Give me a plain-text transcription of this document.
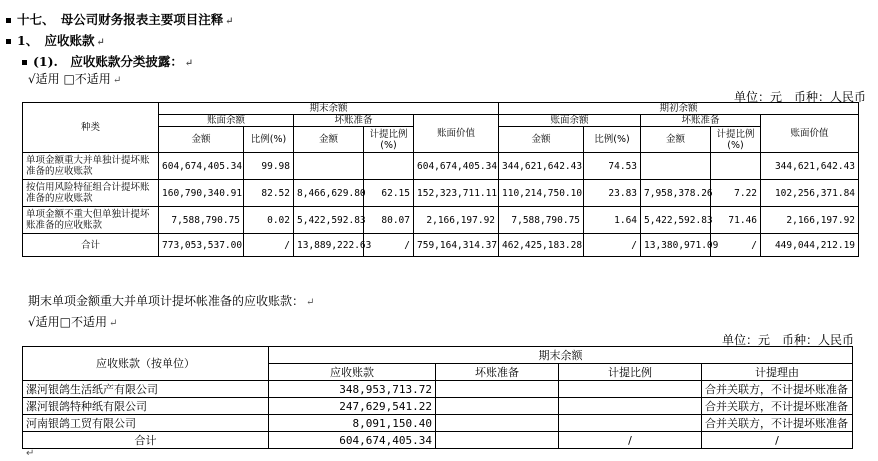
十七、　母公司财务报表主要项目注释 ↵
1、　应收账款 ↵
(1).　应收账款分类披露： ↵
√适用 □不适用 ↵
单位：元　币种：人民币
种类	期末余额					期初余额				
	账面余额		坏账准备		账面价值	账面余额		坏账准备		账面价值
	金额	比例(%)	金额	计提比例(%)		金额	比例(%)	金额	计提比例(%)	
单项金额重大并单独计提坏账准备的应收账款	604,674,405.34	99.98			604,674,405.34	344,621,642.43	74.53			344,621,642.43
按信用风险特征组合计提坏账准备的应收账款	160,790,340.91	82.52	8,466,629.80	62.15	152,323,711.11	110,214,750.10	23.83	7,958,378.26	7.22	102,256,371.84
单项金额不重大但单独计提坏账准备的应收账款	7,588,790.75	0.02	5,422,592.83	80.07	2,166,197.92	7,588,790.75	1.64	5,422,592.83	71.46	2,166,197.92
合计	773,053,537.00	/	13,889,222.63	/	759,164,314.37	462,425,183.28	/	13,380,971.09	/	449,044,212.19
期末单项金额重大并单项计提坏帐准备的应收账款： ↵
√适用□不适用 ↵
单位：元　币种：人民币
应收账款（按单位）	期末余额			
	应收账款	坏账准备	计提比例	计提理由
漯河银鸽生活纸产有限公司	348,953,713.72			合并关联方，不计提坏账准备
漯河银鸽特种纸有限公司	247,629,541.22			合并关联方，不计提坏账准备
河南银鸽工贸有限公司	8,091,150.40			合并关联方，不计提坏账准备
合计	604,674,405.34		/	/
↵
